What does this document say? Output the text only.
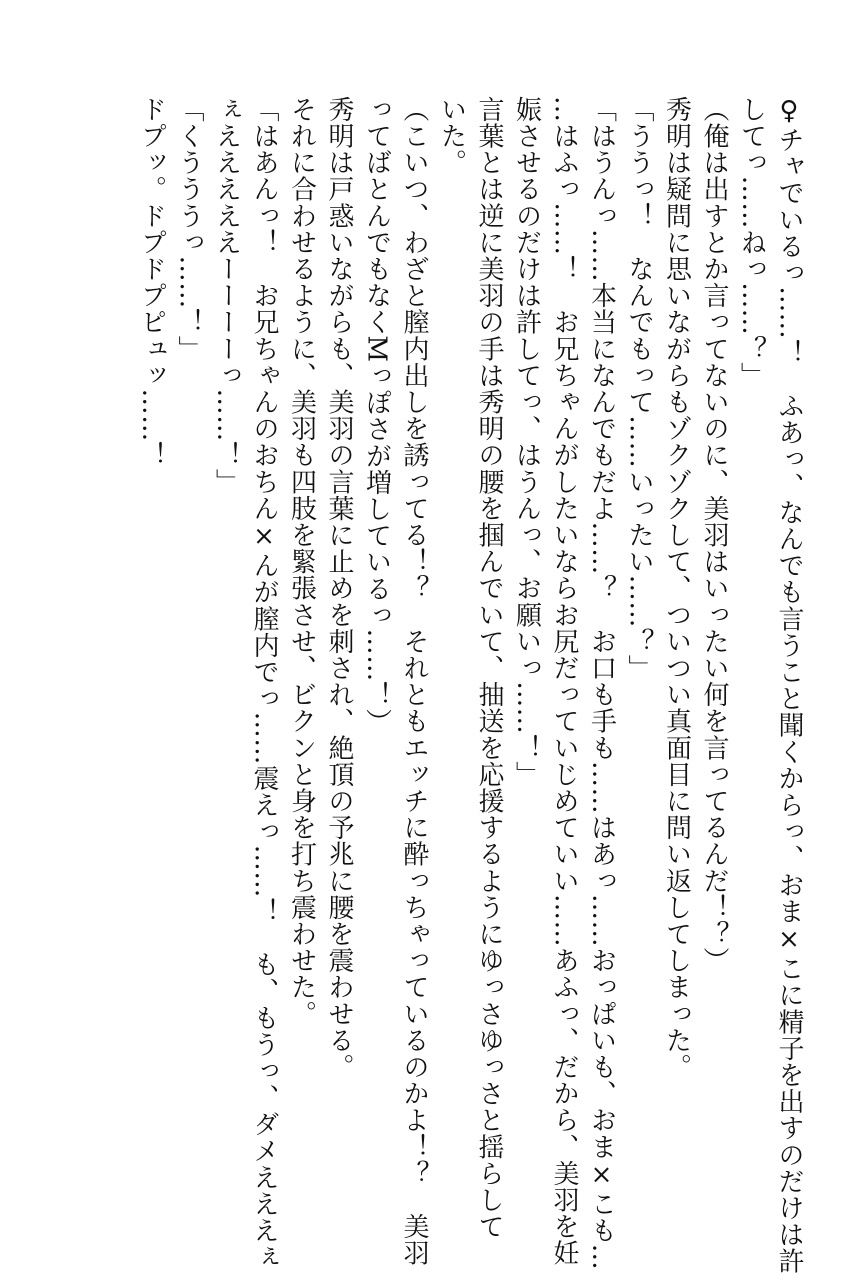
♀チャでいるっ……！　ふあっ、なんでも言うこと聞くからっ、おま×こに精子を出すのだけは許
してっ……ねっ……？」
（俺は出すとか言ってないのに、美羽はいったい何を言ってるんだ！？）
秀明は疑問に思いながらもゾクゾクして、ついつい真面目に問い返してしまった。
「ううっ！　なんでもって……いったい……？」
「はうんっ……本当になんでもだよ……？　お口も手も……はあっ……おっぱいも、おま×こも…
…はふっ……！　お兄ちゃんがしたいならお尻だっていじめていい……あふっ、だから、美羽を妊
娠させるのだけは許してっ、はうんっ、お願いっ……！」
言葉とは逆に美羽の手は秀明の腰を掴んでいて、抽送を応援するようにゆっさゆっさと揺らして
いた。
（こいつ、わざと膣内出しを誘ってる！？　それともエッチに酔っちゃっているのかよ！？　美羽
ってばとんでもなくMっぽさが増しているっ……！）
秀明は戸惑いながらも、美羽の言葉に止めを刺され、絶頂の予兆に腰を震わせる。
それに合わせるように、美羽も四肢を緊張させ、ビクンと身を打ち震わせた。
「はあんっ！　お兄ちゃんのおちん×んが膣内でっ……震えっ……！　も、もうっ、ダメえええぇ
ぇえええええーーーーっ……！」
「くうううっ……！」
ドプッ。ドプドプピュッ……！
